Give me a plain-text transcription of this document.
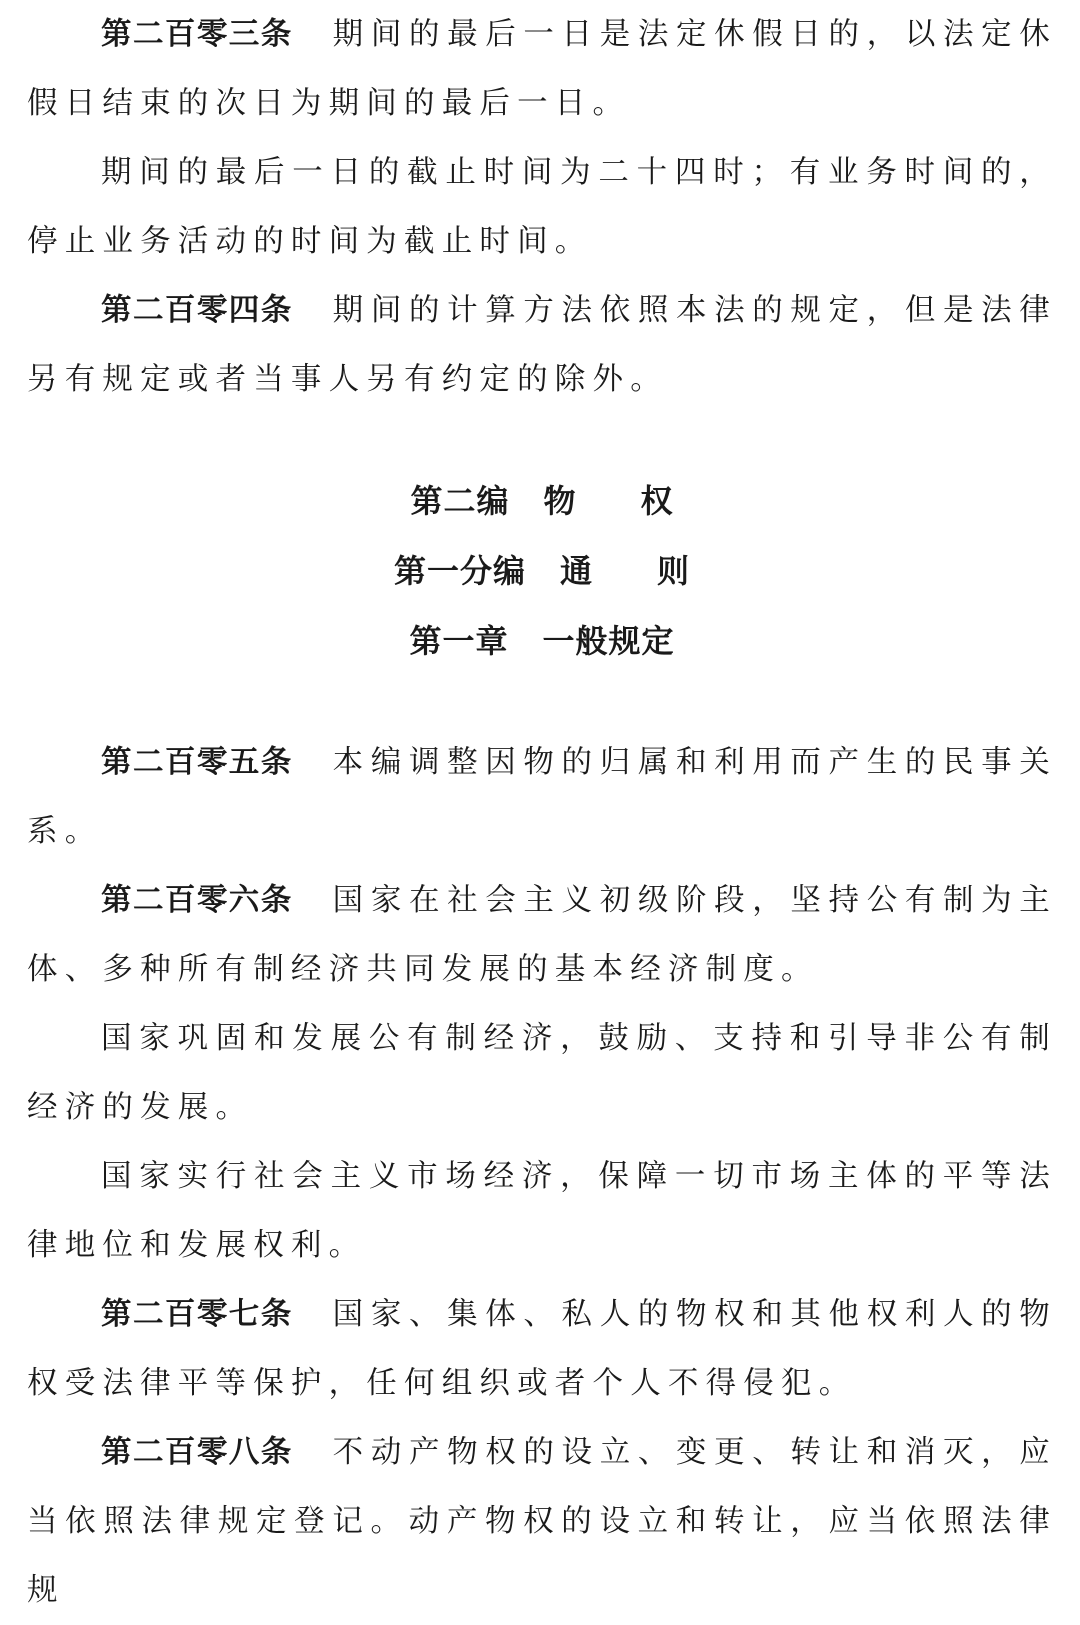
第二百零三条 期间的最后一日是法定休假日的，以法定休假日结束的次日为期间的最后一日。

期间的最后一日的截止时间为二十四时；有业务时间的，停止业务活动的时间为截止时间。

第二百零四条 期间的计算方法依照本法的规定，但是法律另有规定或者当事人另有约定的除外。

第二编 物 权

第一分编 通 则

第一章 一般规定

第二百零五条 本编调整因物的归属和利用而产生的民事关系。

第二百零六条 国家在社会主义初级阶段，坚持公有制为主体、多种所有制经济共同发展的基本经济制度。

国家巩固和发展公有制经济，鼓励、支持和引导非公有制经济的发展。

国家实行社会主义市场经济，保障一切市场主体的平等法律地位和发展权利。

第二百零七条 国家、集体、私人的物权和其他权利人的物权受法律平等保护，任何组织或者个人不得侵犯。

第二百零八条 不动产物权的设立、变更、转让和消灭，应当依照法律规定登记。动产物权的设立和转让，应当依照法律规
